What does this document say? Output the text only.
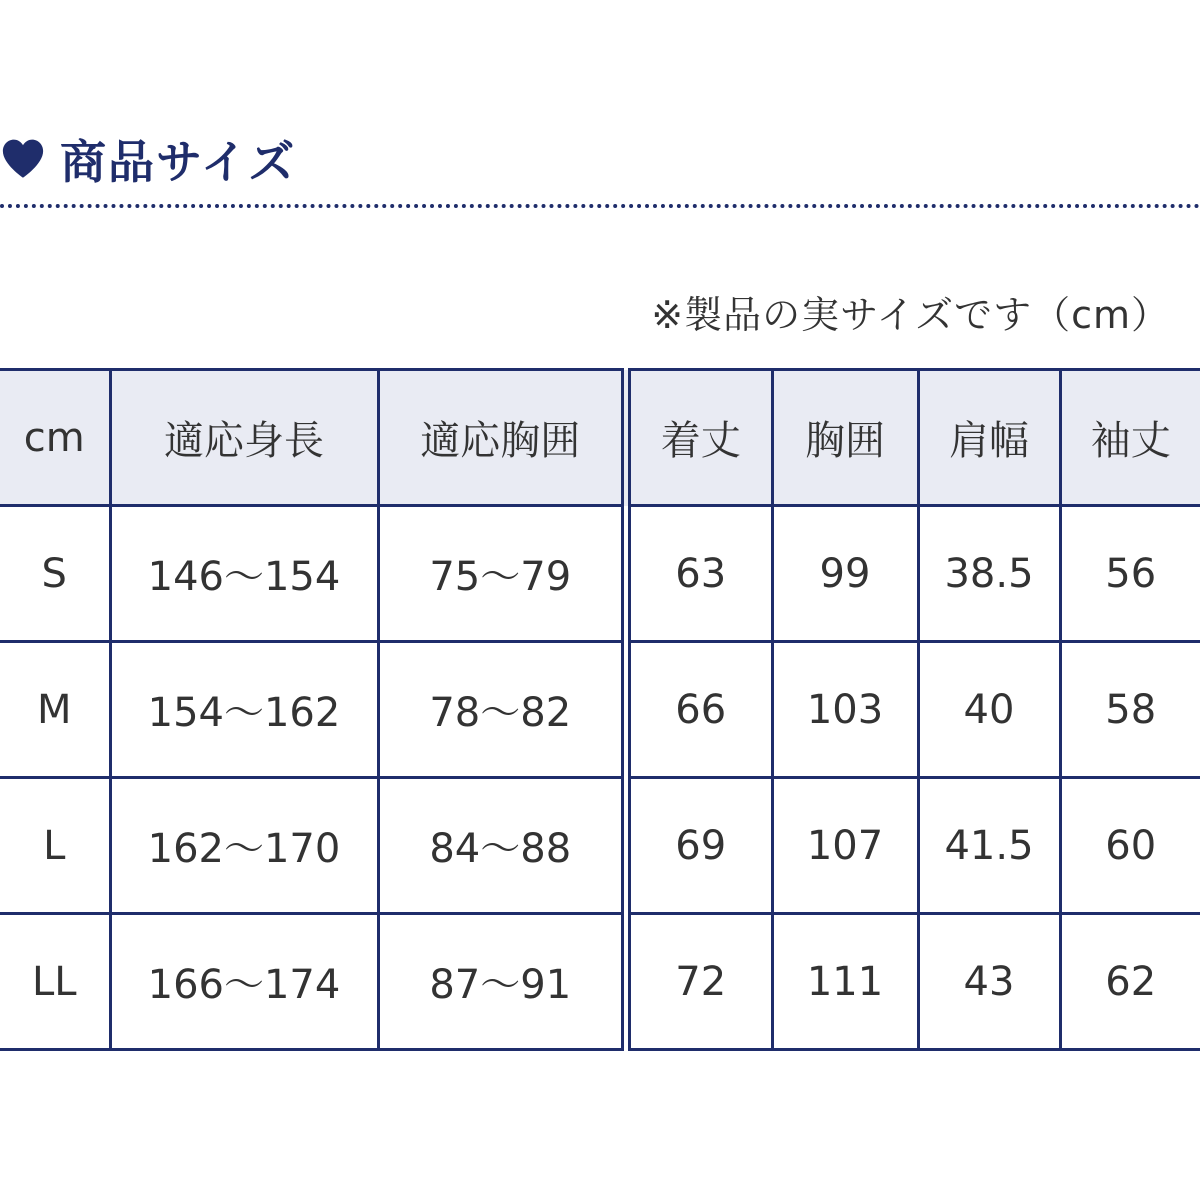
商品サイズ
※製品の実サイズです（cm）
cm	適応身長	適応胸囲	着丈	胸囲	肩幅	袖丈
S	146〜154	75〜79	63	99	38.5	56
M	154〜162	78〜82	66	103	40	58
L	162〜170	84〜88	69	107	41.5	60
LL	166〜174	87〜91	72	111	43	62
